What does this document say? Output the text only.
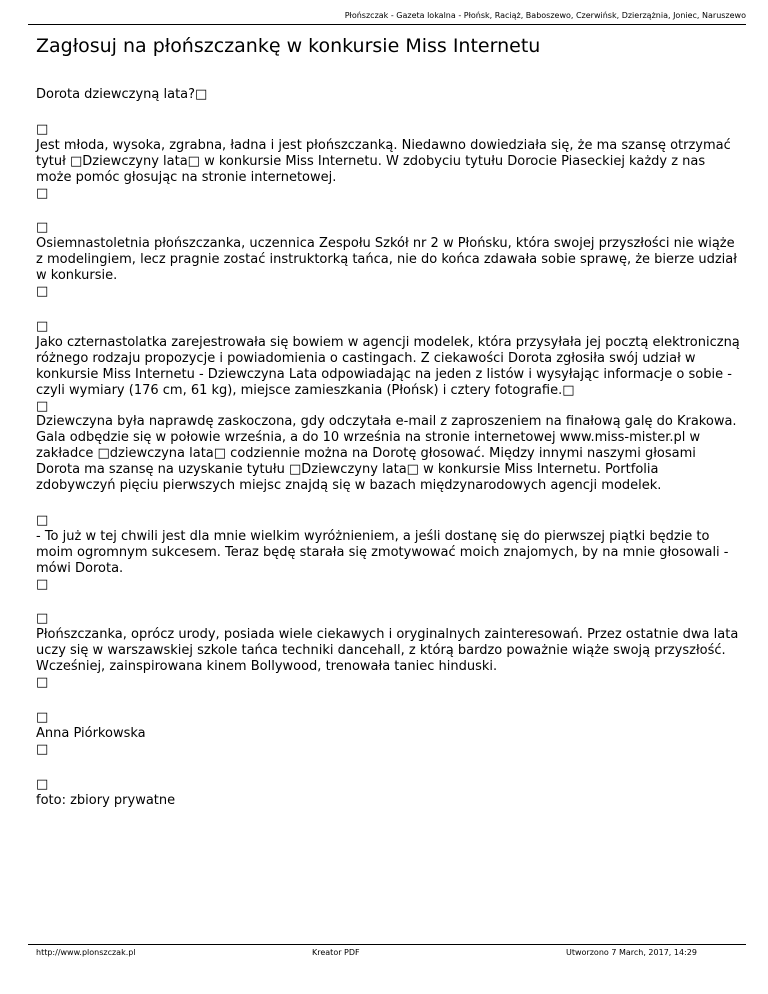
Płońszczak - Gazeta lokalna - Płońsk, Raciąż, Baboszewo, Czerwińsk, Dzierzążnia, Joniec, Naruszewo
Zagłosuj na płońszczankę w konkursie Miss Internetu

Dorota dziewczyną lata?□

□
Jest młoda, wysoka, zgrabna, ładna i jest płońszczanką. Niedawno dowiedziała się, że ma szansę otrzymać tytuł □Dziewczyny lata□ w konkursie Miss Internetu. W zdobyciu tytułu Dorocie Piaseckiej każdy z nas może pomóc głosując na stronie internetowej.
□

□
Osiemnastoletnia płońszczanka, uczennica Zespołu Szkół nr 2 w Płońsku, która swojej przyszłości nie wiąże z modelingiem, lecz pragnie zostać instruktorką tańca, nie do końca zdawała sobie sprawę, że bierze udział w konkursie.
□

□
Jako czternastolatka zarejestrowała się bowiem w agencji modelek, która przysyłała jej pocztą elektroniczną różnego rodzaju propozycje i powiadomienia o castingach. Z ciekawości Dorota zgłosiła swój udział w konkursie Miss Internetu - Dziewczyna Lata odpowiadając na jeden z listów i wysyłając informacje o sobie - czyli wymiary (176 cm, 61 kg), miejsce zamieszkania (Płońsk) i cztery fotografie.□
□
Dziewczyna była naprawdę zaskoczona, gdy odczytała e-mail z zaproszeniem na finałową galę do Krakowa. Gala odbędzie się w połowie września, a do 10 września na stronie internetowej www.miss-mister.pl w zakładce □dziewczyna lata□ codziennie można na Dorotę głosować. Między innymi naszymi głosami Dorota ma szansę na uzyskanie tytułu □Dziewczyny lata□ w konkursie Miss Internetu. Portfolia zdobywczyń pięciu pierwszych miejsc znajdą się w bazach międzynarodowych agencji modelek.

□
- To już w tej chwili jest dla mnie wielkim wyróżnieniem, a jeśli dostanę się do pierwszej piątki będzie to moim ogromnym sukcesem. Teraz będę starała się zmotywować moich znajomych, by na mnie głosowali - mówi Dorota.
□

□
Płońszczanka, oprócz urody, posiada wiele ciekawych i oryginalnych zainteresowań. Przez ostatnie dwa lata uczy się w warszawskiej szkole tańca techniki dancehall, z którą bardzo poważnie wiąże swoją przyszłość. Wcześniej, zainspirowana kinem Bollywood, trenowała taniec hinduski.
□

□
Anna Piórkowska
□

□
foto: zbiory prywatne

http://www.plonszczak.pl	Kreator PDF	Utworzono 7 March, 2017, 14:29
